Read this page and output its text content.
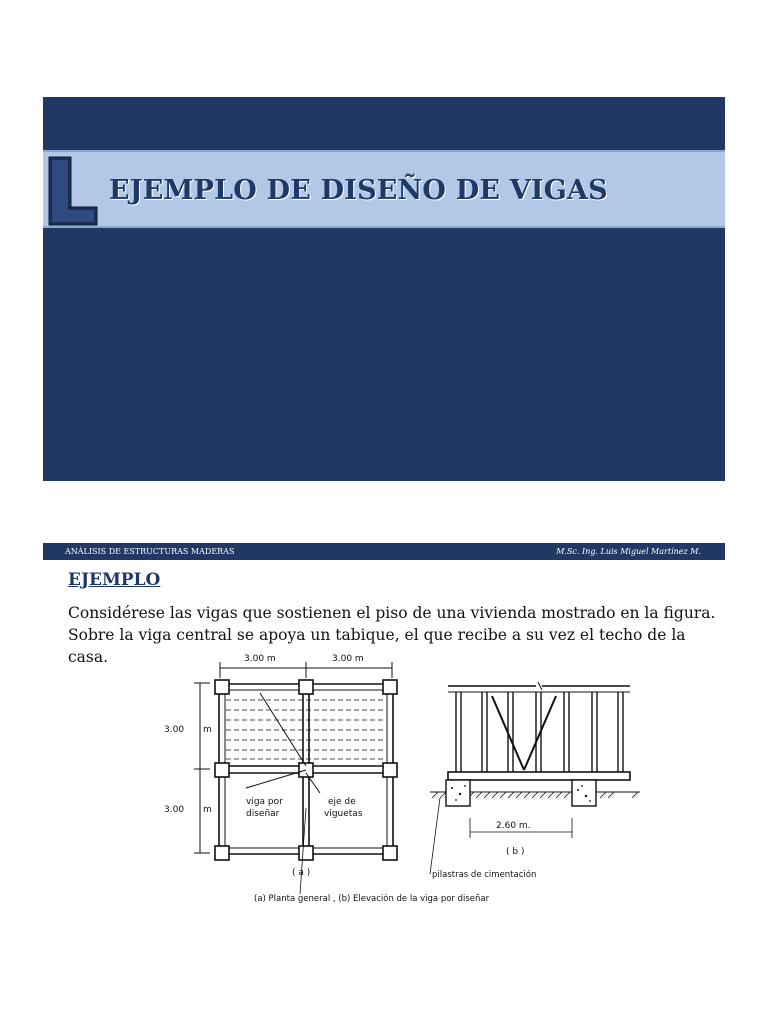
EJEMPLO DE DISEÑO DE VIGAS
ANÁLISIS DE ESTRUCTURAS MADERAS	M.Sc. Ing. Luis Miguel Martínez M.
EJEMPLO
Considérese las vigas que sostienen el piso de una vivienda mostrado en la figura. Sobre la viga central se apoya un tabique, el que recibe a su vez el techo de la casa.	3.00 m	3.00 m
3.00 m
3.00 m
viga por
diseñar
eje de
viguetas
( a )
2.60 m.
( b )
pilastras de cimentación
(a) Planta general , (b) Elevación de la viga por diseñar
